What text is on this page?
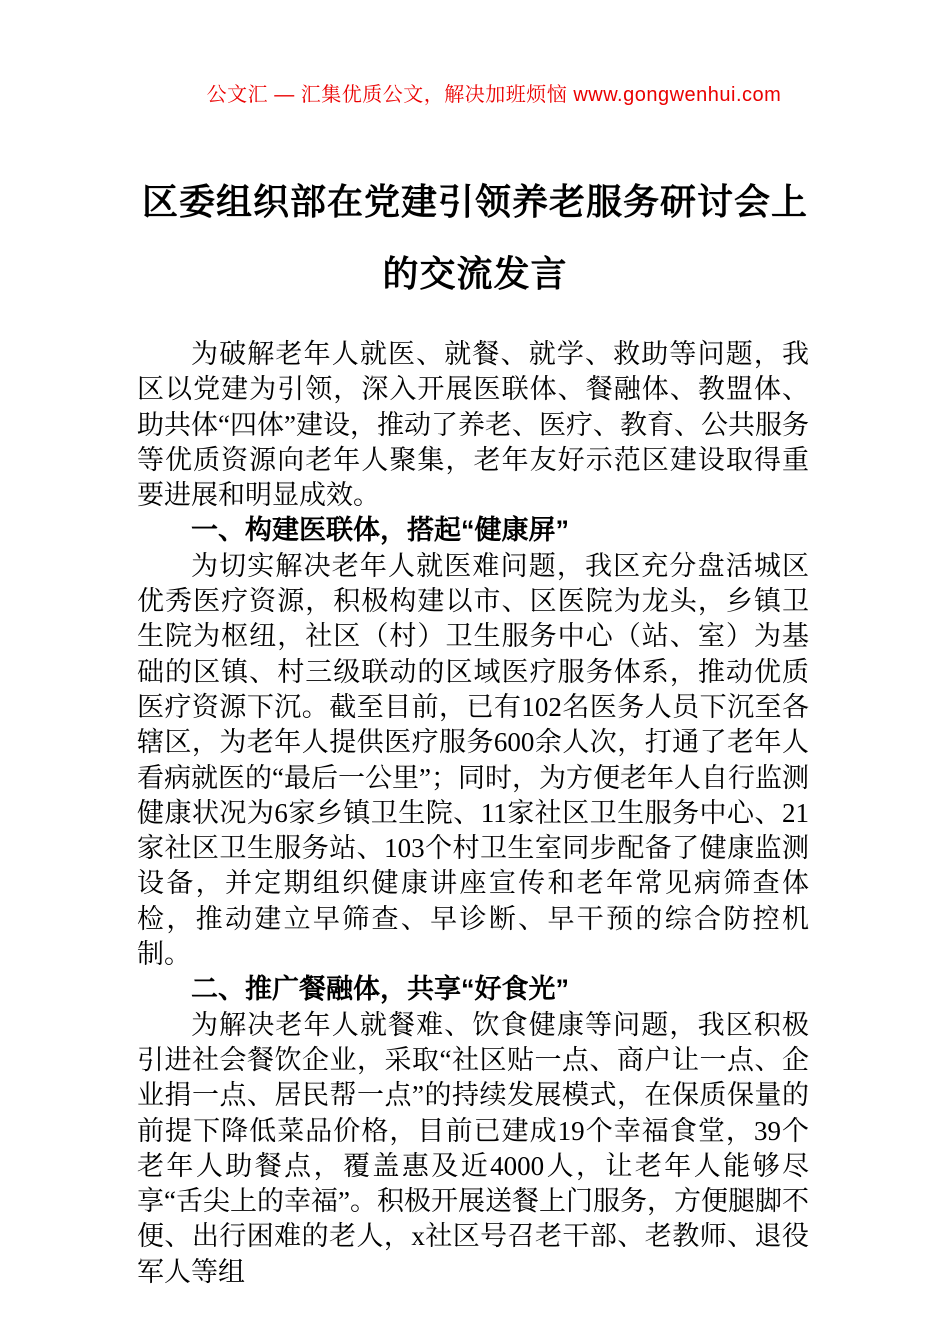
公文汇 — 汇集优质公文，解决加班烦恼 www.gongwenhui.com
区委组织部在党建引领养老服务研讨会上
的交流发言

为破解老年人就医、就餐、就学、救助等问题，我区以党建为引领，深入开展医联体、餐融体、教盟体、助共体“四体”建设，推动了养老、医疗、教育、公共服务等优质资源向老年人聚集，老年友好示范区建设取得重要进展和明显成效。

一、构建医联体，搭起“健康屏”

为切实解决老年人就医难问题，我区充分盘活城区优秀医疗资源，积极构建以市、区医院为龙头，乡镇卫生院为枢纽，社区（村）卫生服务中心（站、室）为基础的区镇、村三级联动的区域医疗服务体系，推动优质医疗资源下沉。截至目前，已有102名医务人员下沉至各辖区，为老年人提供医疗服务600余人次，打通了老年人看病就医的“最后一公里”；同时，为方便老年人自行监测健康状况为6家乡镇卫生院、11家社区卫生服务中心、21家社区卫生服务站、103个村卫生室同步配备了健康监测设备，并定期组织健康讲座宣传和老年常见病筛查体检，推动建立早筛查、早诊断、早干预的综合防控机制。

二、推广餐融体，共享“好食光”

为解决老年人就餐难、饮食健康等问题，我区积极引进社会餐饮企业，采取“社区贴一点、商户让一点、企业捐一点、居民帮一点”的持续发展模式，在保质保量的前提下降低菜品价格，目前已建成19个幸福食堂，39个老年人助餐点，覆盖惠及近4000人，让老年人能够尽享“舌尖上的幸福”。积极开展送餐上门服务，方便腿脚不便、出行困难的老人，x社区号召老干部、老教师、退役军人等组
